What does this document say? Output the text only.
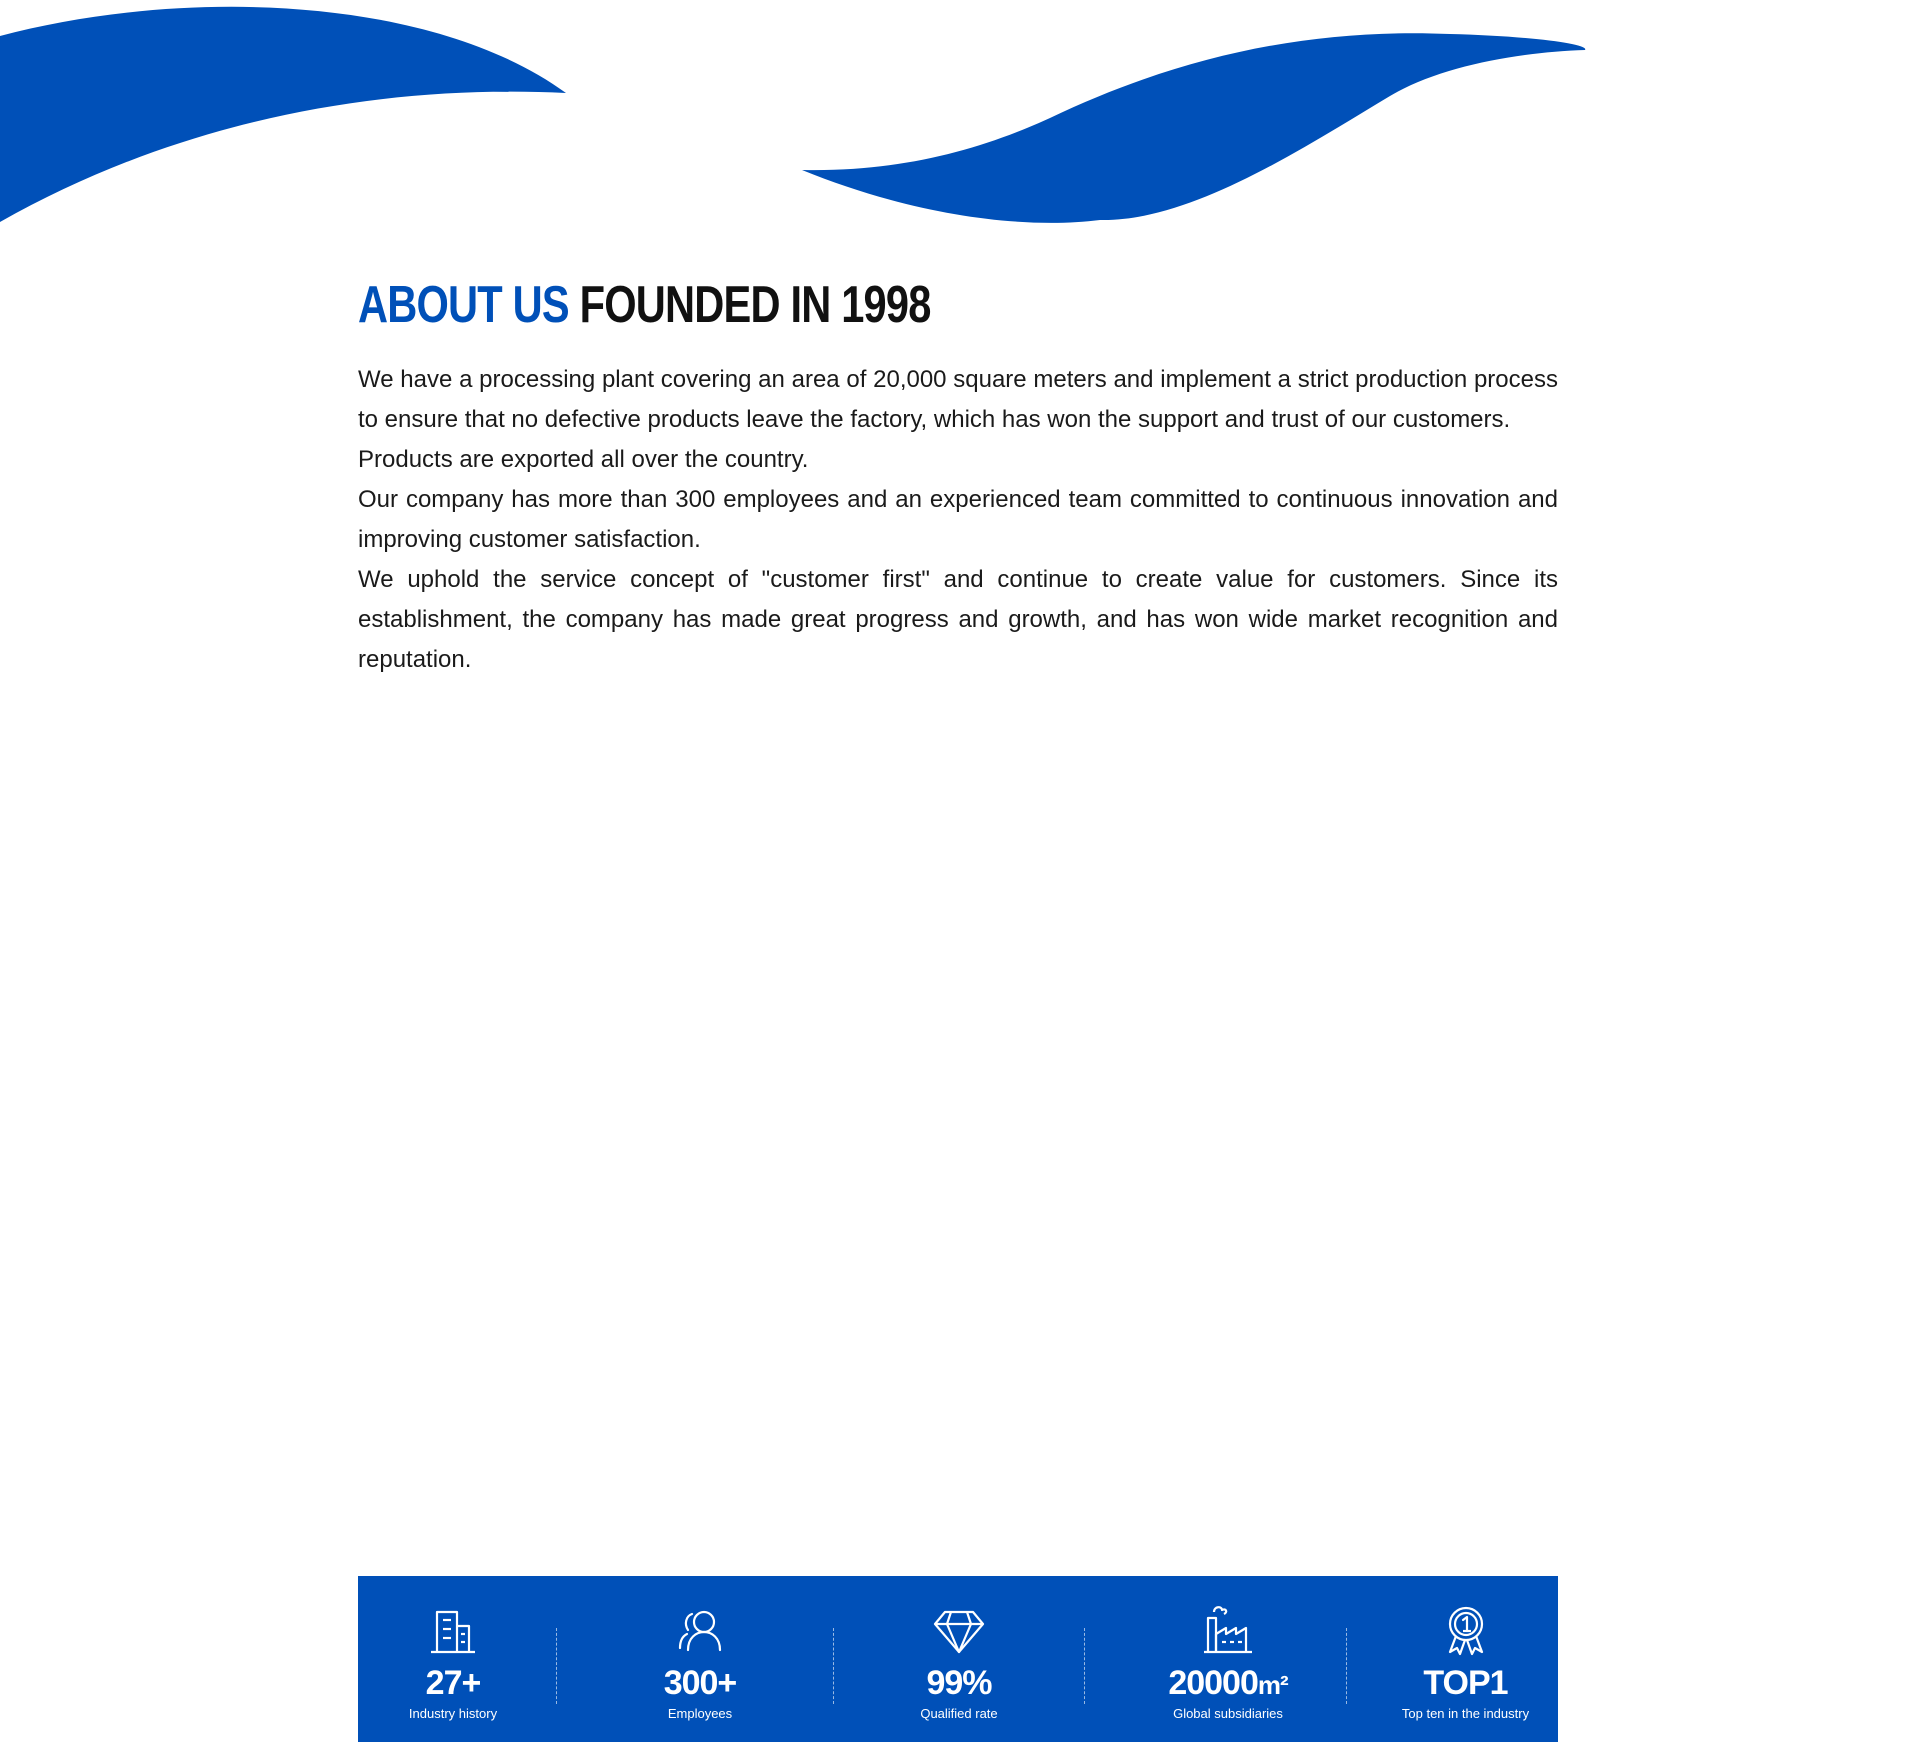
ABOUT US FOUNDED IN 1998

We have a processing plant covering an area of 20,000 square meters and implement a strict production process to ensure that no defective products leave the factory, which has won the support and trust of our customers.

Products are exported all over the country.

Our company has more than 300 employees and an experienced team committed to continuous innovation and improving customer satisfaction.

We uphold the service concept of "customer first" and continue to create value for customers. Since its establishment, the company has made great progress and growth, and has won wide market recognition and reputation.

27+
Industry history
300+
Employees
99%
Qualified rate
20000m²
Global subsidiaries
TOP1
Top ten in the industry
